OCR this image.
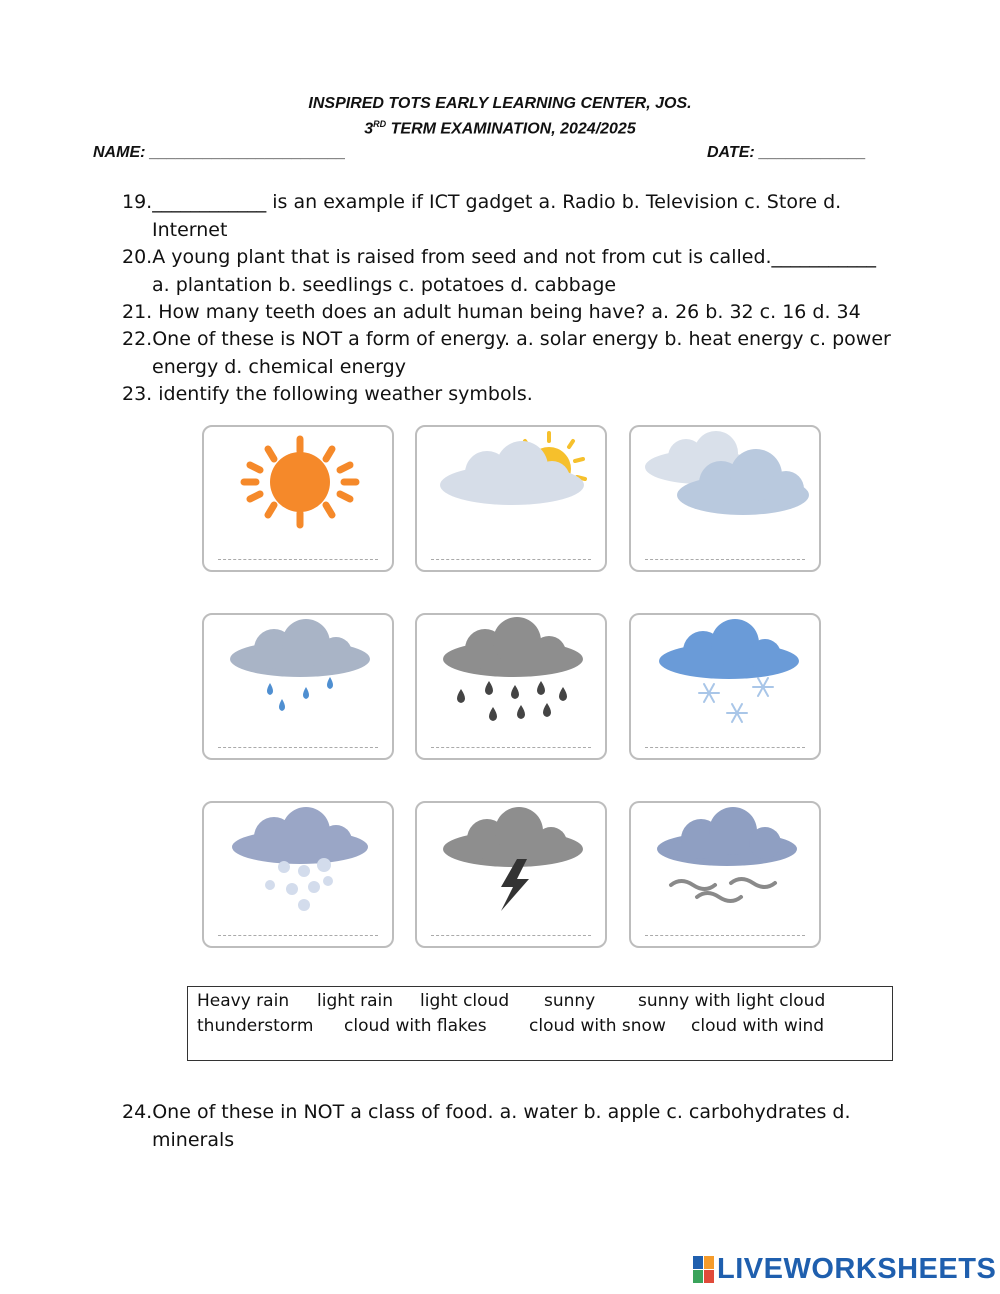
INSPIRED TOTS EARLY LEARNING CENTER, JOS.
3RD TERM EXAMINATION, 2024/2025
NAME: ______________________	DATE: ____________
19.____________ is an example if ICT gadget a. Radio b. Television c. Store d.
Internet
20.A young plant that is raised from seed and not from cut is called.___________
a. plantation b. seedlings c. potatoes d. cabbage
21. How many teeth does an adult human being have? a. 26 b. 32 c. 16 d. 34
22.One of these is NOT a form of energy. a. solar energy b. heat energy c. power
energy d. chemical energy
23. identify the following weather symbols.
Heavy rain light rain light cloud sunny	sunny with light cloud
thunderstorm cloud with flakes cloud with snow cloud with wind
24.One of these in NOT a class of food. a. water b. apple c. carbohydrates d.
minerals
LIVEWORKSHEETS
